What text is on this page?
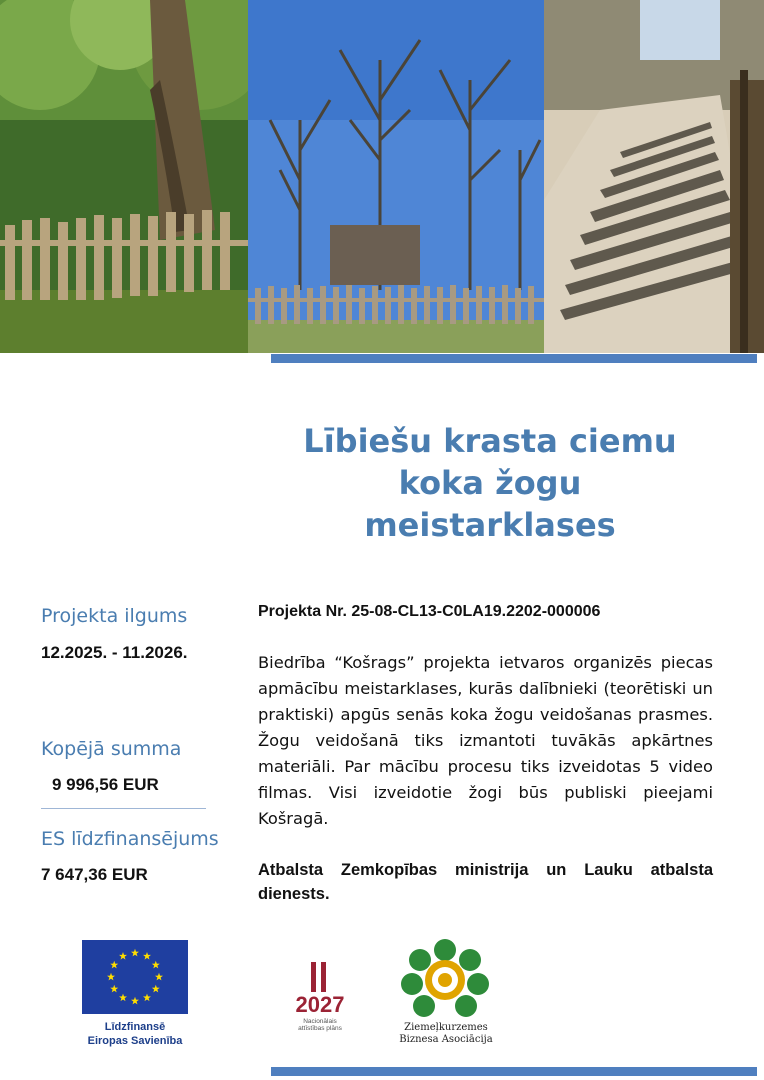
Lībiešu krasta ciemu
koka žogu
meistarklases
Projekta ilgums
12.2025. - 11.2026.
Kopējā summa
9 996,56 EUR
ES līdzfinansējums
7 647,36 EUR
Projekta Nr. 25-08-CL13-C0LA19.2202-000006

Biedrība “Košrags” projekta ietvaros organizēs piecas apmācību meistarklases, kurās dalībnieki (teorētiski un praktiski) apgūs senās koka žogu veidošanas prasmes. Žogu veidošanā tiks izmantoti tuvākās apkārtnes materiāli. Par mācību procesu tiks izveidotas 5 video filmas. Visi izveidotie žogi būs publiski pieejami Košragā.

Atbalsta Zemkopības ministrija un Lauku atbalsta dienests.

Līdzfinansē
Eiropas Savienība
2027
Nacionālais
attīstības plāns	Ziemeļkurzemes
Biznesa Asociācija
